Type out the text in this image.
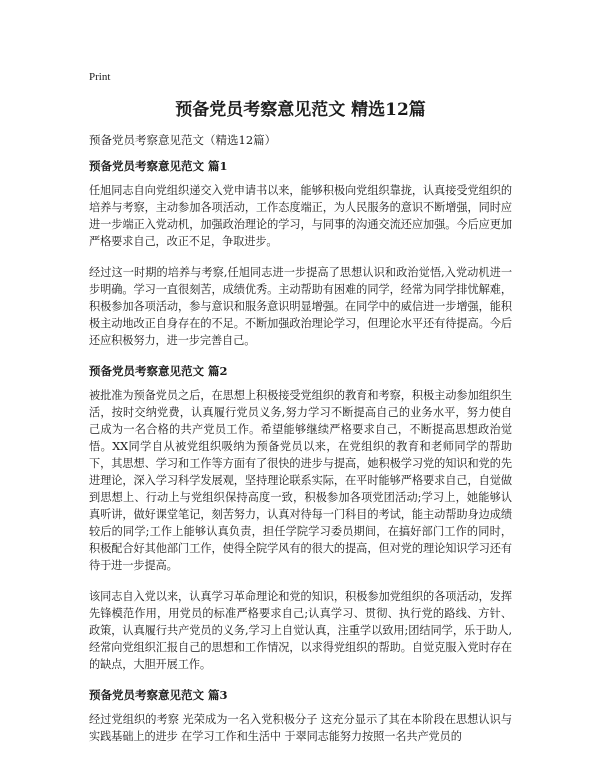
Print
预备党员考察意见范文 精选12篇
预备党员考察意见范文（精选12篇）
预备党员考察意见范文 篇1

任旭同志自向党组织递交入党申请书以来，能够积极向党组织靠拢，认真接受党组织的培养与考察，主动参加各项活动，工作态度端正，为人民服务的意识不断增强，同时应进一步端正入党动机，加强政治理论的学习，与同事的沟通交流还应加强。今后应更加严格要求自己，改正不足，争取进步。

经过这一时期的培养与考察,任旭同志进一步提高了思想认识和政治觉悟,入党动机进一步明确。学习一直很刻苦，成绩优秀。主动帮助有困难的同学，经常为同学排忧解难，积极参加各项活动，参与意识和服务意识明显增强。在同学中的威信进一步增强，能积极主动地改正自身存在的不足。不断加强政治理论学习，但理论水平还有待提高。今后还应积极努力，进一步完善自己。

预备党员考察意见范文 篇2

被批准为预备党员之后，在思想上积极接受党组织的教育和考察，积极主动参加组织生活，按时交纳党费，认真履行党员义务,努力学习不断提高自己的业务水平，努力使自己成为一名合格的共产党员工作。希望能够继续严格要求自己，不断提高思想政治觉悟。XX同学自从被党组织吸纳为预备党员以来，在党组织的教育和老师同学的帮助下，其思想、学习和工作等方面有了很快的进步与提高，她积极学习党的知识和党的先进理论，深入学习科学发展观，坚持理论联系实际，在平时能够严格要求自己，自觉做到思想上、行动上与党组织保持高度一致，积极参加各项党团活动;学习上，她能够认真听讲，做好课堂笔记，刻苦努力，认真对待每一门科目的考试，能主动帮助身边成绩较后的同学;工作上能够认真负责，担任学院学习委员期间，在搞好部门工作的同时，积极配合好其他部门工作，使得全院学风有的很大的提高，但对党的理论知识学习还有待于进一步提高。

该同志自入党以来，认真学习革命理论和党的知识，积极参加党组织的各项活动，发挥先锋模范作用，用党员的标准严格要求自己;认真学习、贯彻、执行党的路线、方针、政策，认真履行共产党员的义务,学习上自觉认真，注重学以致用;团结同学，乐于助人,经常向党组织汇报自己的思想和工作情况，以求得党组织的帮助。自觉克服入党时存在的缺点，大胆开展工作。

预备党员考察意见范文 篇3

经过党组织的考察 光荣成为一名入党积极分子 这充分显示了其在本阶段在思想认识与实践基础上的进步 在学习工作和生活中 于翠同志能努力按照一名共产党员的
